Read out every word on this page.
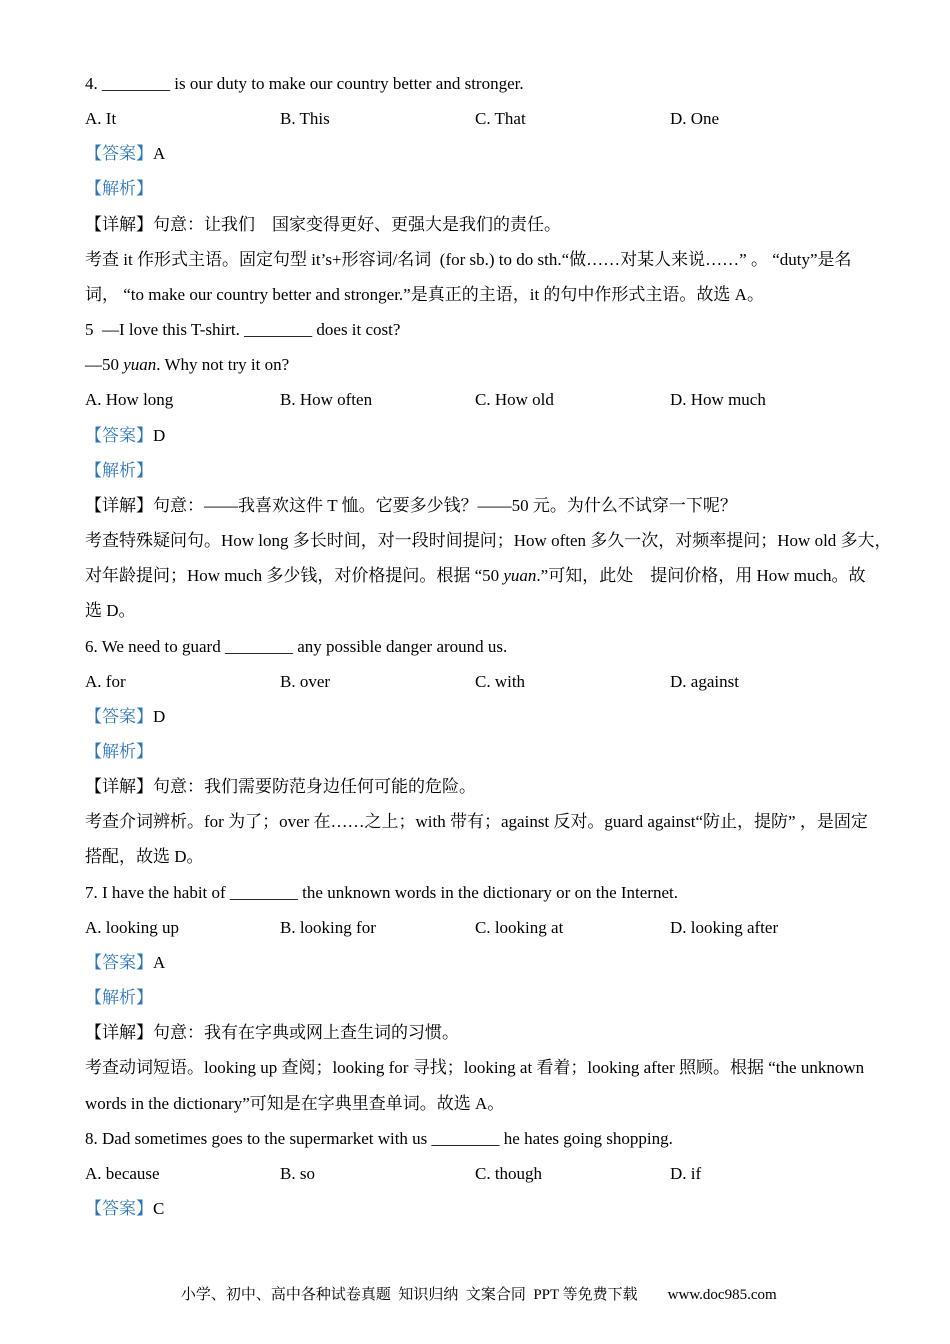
4. ________ is our duty to make our country better and stronger.
A. It	B. This	C. That	D. One
【答案】A
【解析】
【详解】句意：让我们　国家变得更好、更强大是我们的责任。
考查 it 作形式主语。固定句型 it’s+形容词/名词  (for sb.) to do sth.“做……对某人来说……” 。 “duty”是名
词， “to make our country better and stronger.”是真正的主语，it 的句中作形式主语。故选 A。
5  —I love this T-shirt. ________ does it cost?
—50 yuan. Why not try it on?
A. How long	B. How often	C. How old	D. How much
【答案】D
【解析】
【详解】句意：——我喜欢这件 T 恤。它要多少钱？——50 元。为什么不试穿一下呢？
考查特殊疑问句。How long 多长时间，对一段时间提问；How often 多久一次，对频率提问；How old 多大，
对年龄提问；How much 多少钱，对价格提问。根据 “50 yuan.”可知，此处　提问价格，用 How much。故
选 D。
6. We need to guard ________ any possible danger around us.
A. for	B. over	C. with	D. against
【答案】D
【解析】
【详解】句意：我们需要防范身边任何可能的危险。
考查介词辨析。for 为了；over 在……之上；with 带有；against 反对。guard against“防止，提防” ，是固定
搭配，故选 D。
7. I have the habit of ________ the unknown words in the dictionary or on the Internet.
A. looking up	B. looking for	C. looking at	D. looking after
【答案】A
【解析】
【详解】句意：我有在字典或网上查生词的习惯。
考查动词短语。looking up 查阅；looking for 寻找；looking at 看着；looking after 照顾。根据 “the unknown
words in the dictionary”可知是在字典里查单词。故选 A。
8. Dad sometimes goes to the supermarket with us ________ he hates going shopping.
A. because	B. so	C. though	D. if
【答案】C

小学、初中、高中各种试卷真题  知识归纳  文案合同  PPT 等免费下载 www.doc985.com
